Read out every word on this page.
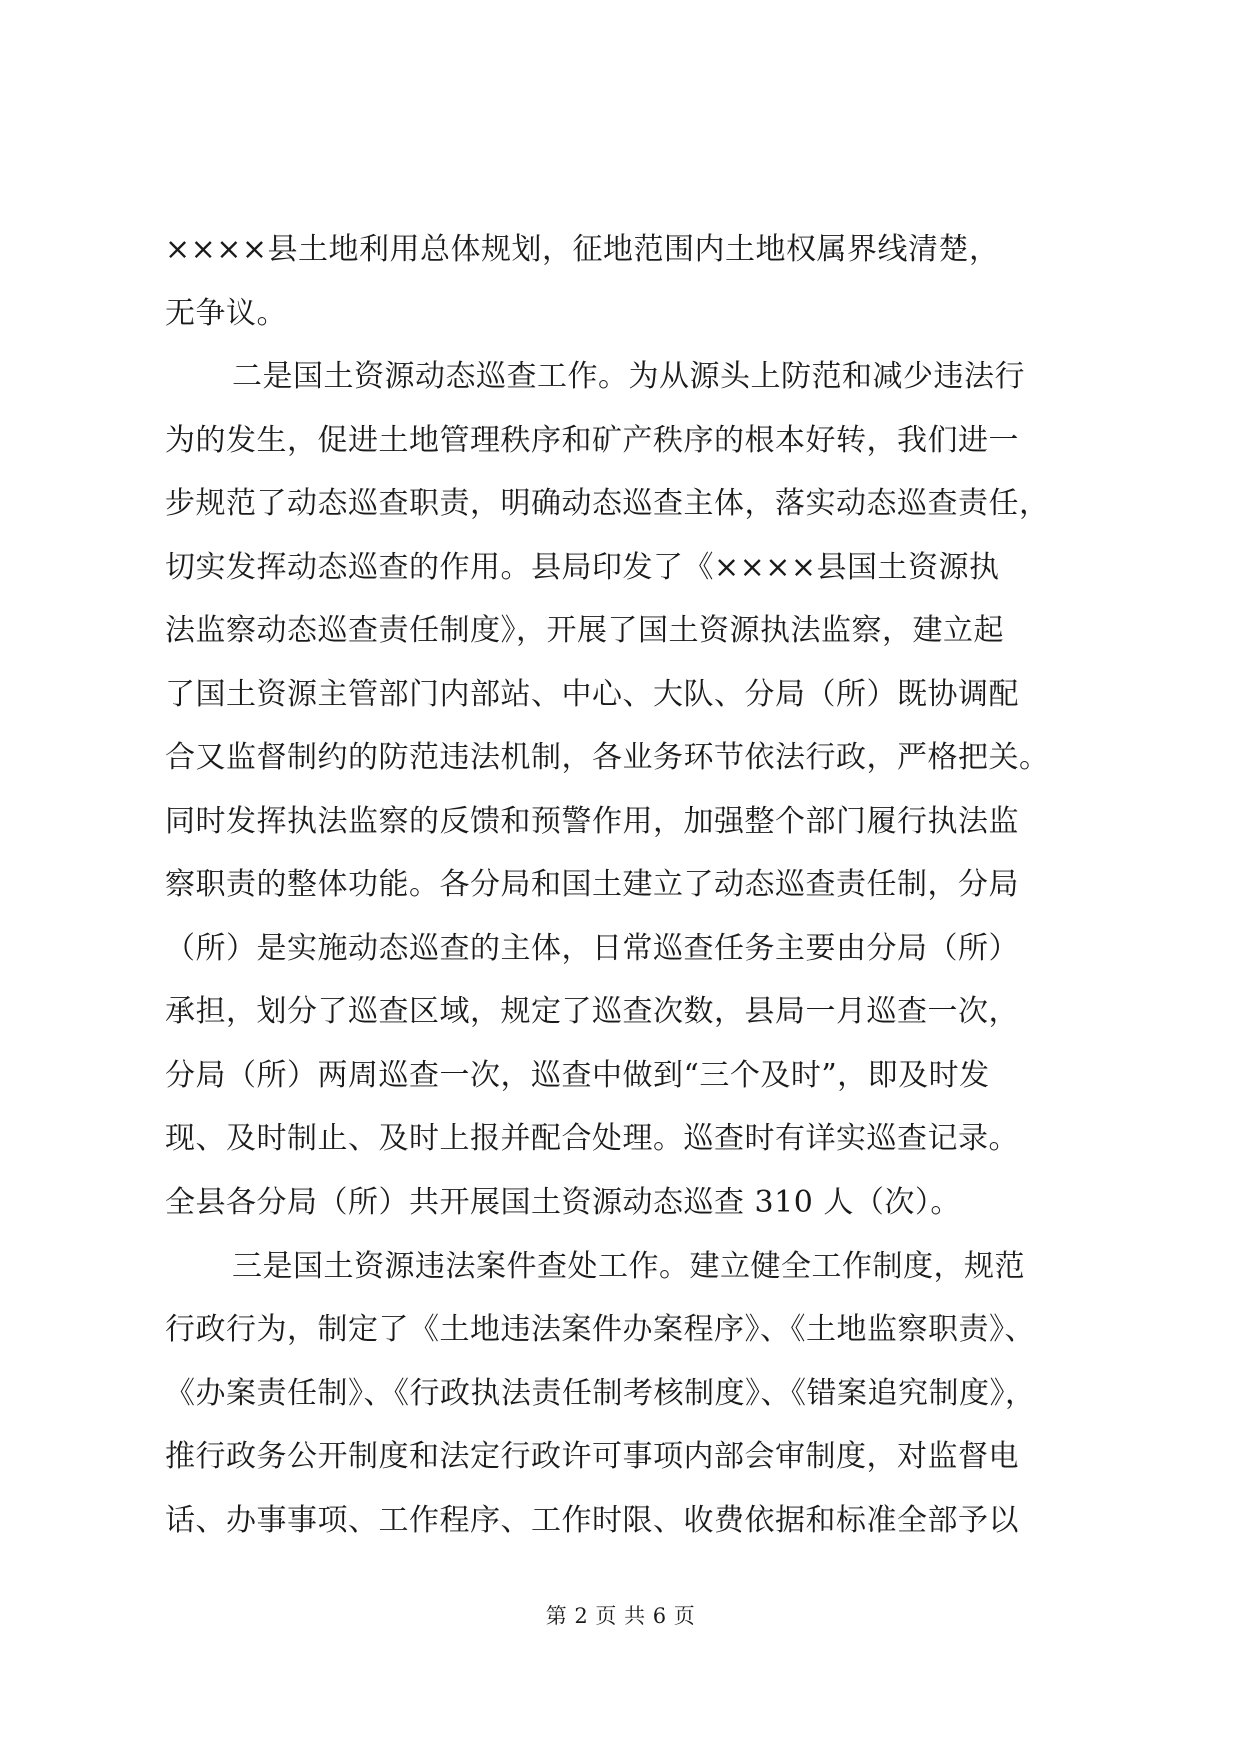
××××县土地利用总体规划，征地范围内土地权属界线清楚，
无争议。
二是国土资源动态巡查工作。为从源头上防范和减少违法行
为的发生，促进土地管理秩序和矿产秩序的根本好转，我们进一
步规范了动态巡查职责，明确动态巡查主体，落实动态巡查责任，
切实发挥动态巡查的作用。县局印发了《××××县国土资源执
法监察动态巡查责任制度》，开展了国土资源执法监察，建立起
了国土资源主管部门内部站、中心、大队、分局（所）既协调配
合又监督制约的防范违法机制，各业务环节依法行政，严格把关。
同时发挥执法监察的反馈和预警作用，加强整个部门履行执法监
察职责的整体功能。各分局和国土建立了动态巡查责任制，分局
（所）是实施动态巡查的主体，日常巡查任务主要由分局（所）
承担，划分了巡查区域，规定了巡查次数，县局一月巡查一次，
分局（所）两周巡查一次，巡查中做到“三个及时”，即及时发
现、及时制止、及时上报并配合处理。巡查时有详实巡查记录。
全县各分局（所）共开展国土资源动态巡查 310 人（次）。
三是国土资源违法案件查处工作。建立健全工作制度，规范
行政行为，制定了《土地违法案件办案程序》、《土地监察职责》、
《办案责任制》、《行政执法责任制考核制度》、《错案追究制度》，
推行政务公开制度和法定行政许可事项内部会审制度，对监督电
话、办事事项、工作程序、工作时限、收费依据和标准全部予以
第 2 页 共 6 页
